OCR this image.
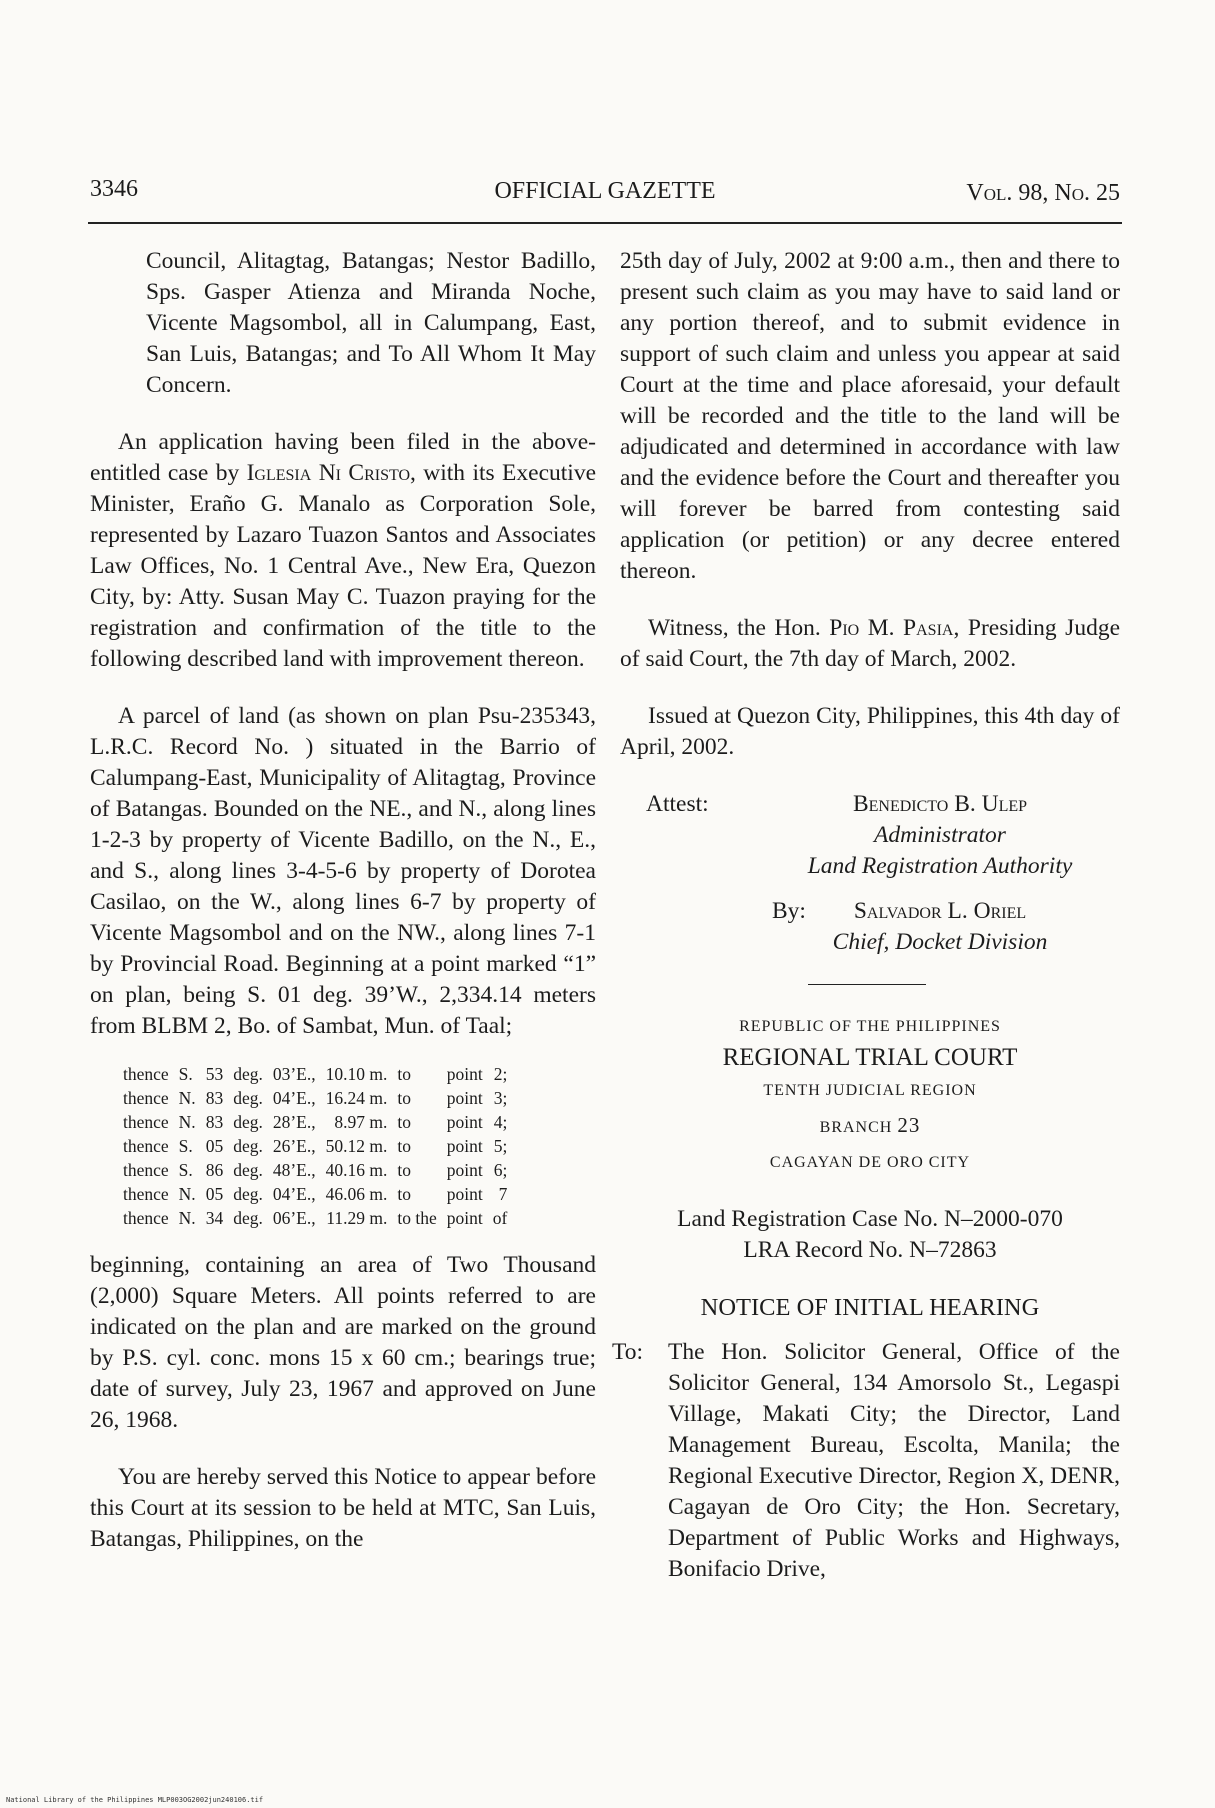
3346	OFFICIAL GAZETTE	Vol. 98, No. 25

Council, Alitagtag, Batangas; Nestor Badillo, Sps. Gasper Atienza and Miranda Noche, Vicente Magsombol, all in Calumpang, East, San Luis, Batangas; and To All Whom It May Concern.

An application having been filed in the above-entitled case by Iglesia Ni Cristo, with its Executive Minister, Eraño G. Manalo as Corporation Sole, represented by Lazaro Tuazon Santos and Associates Law Offices, No. 1 Central Ave., New Era, Quezon City, by: Atty. Susan May C. Tuazon praying for the registration and confirmation of the title to the following described land with improvement thereon.

A parcel of land (as shown on plan Psu-235343, L.R.C. Record No. ) situated in the Barrio of Calumpang-East, Municipality of Alitagtag, Province of Batangas. Bounded on the NE., and N., along lines 1-2-3 by property of Vicente Badillo, on the N., E., and S., along lines 3-4-5-6 by property of Dorotea Casilao, on the W., along lines 6-7 by property of Vicente Magsombol and on the NW., along lines 7-1 by Provincial Road. Beginning at a point marked “1” on plan, being S. 01 deg. 39’W., 2,334.14 meters from BLBM 2, Bo. of Sambat, Mun. of Taal;

thence	S.	53	deg.	03’E.,	10.10 m.	to	point	2;
thence	N.	83	deg.	04’E.,	16.24 m.	to	point	3;
thence	N.	83	deg.	28’E.,	8.97 m.	to	point	4;
thence	S.	05	deg.	26’E.,	50.12 m.	to	point	5;
thence	S.	86	deg.	48’E.,	40.16 m.	to	point	6;
thence	N.	05	deg.	04’E.,	46.06 m.	to	point	7
thence	N.	34	deg.	06’E.,	11.29 m.	to the	point	of

beginning, containing an area of Two Thousand (2,000) Square Meters. All points referred to are indicated on the plan and are marked on the ground by P.S. cyl. conc. mons 15 x 60 cm.; bearings true; date of survey, July 23, 1967 and approved on June 26, 1968.

You are hereby served this Notice to appear before this Court at its session to be held at MTC, San Luis, Batangas, Philippines, on the

25th day of July, 2002 at 9:00 a.m., then and there to present such claim as you may have to said land or any portion thereof, and to submit evidence in support of such claim and unless you appear at said Court at the time and place aforesaid, your default will be recorded and the title to the land will be adjudicated and determined in accordance with law and the evidence before the Court and thereafter you will forever be barred from contesting said application (or petition) or any decree entered thereon.

Witness, the Hon. Pio M. Pasia, Presiding Judge of said Court, the 7th day of March, 2002.

Issued at Quezon City, Philippines, this 4th day of April, 2002.

Attest:	Benedicto B. Ulep
Administrator
Land Registration Authority
By:	Salvador L. Oriel
Chief, Docket Division
REPUBLIC OF THE PHILIPPINES
REGIONAL TRIAL COURT
TENTH JUDICIAL REGION
BRANCH 23
CAGAYAN DE ORO CITY
Land Registration Case No. N–2000-070
LRA Record No. N–72863
NOTICE OF INITIAL HEARING
To: The Hon. Solicitor General, Office of the Solicitor General, 134 Amorsolo St., Legaspi Village, Makati City; the Director, Land Management Bureau, Escolta, Manila; the Regional Executive Director, Region X, DENR, Cagayan de Oro City; the Hon. Secretary, Department of Public Works and Highways, Bonifacio Drive,

National Library of the Philippines MLP003OG2002jun240106.tif
